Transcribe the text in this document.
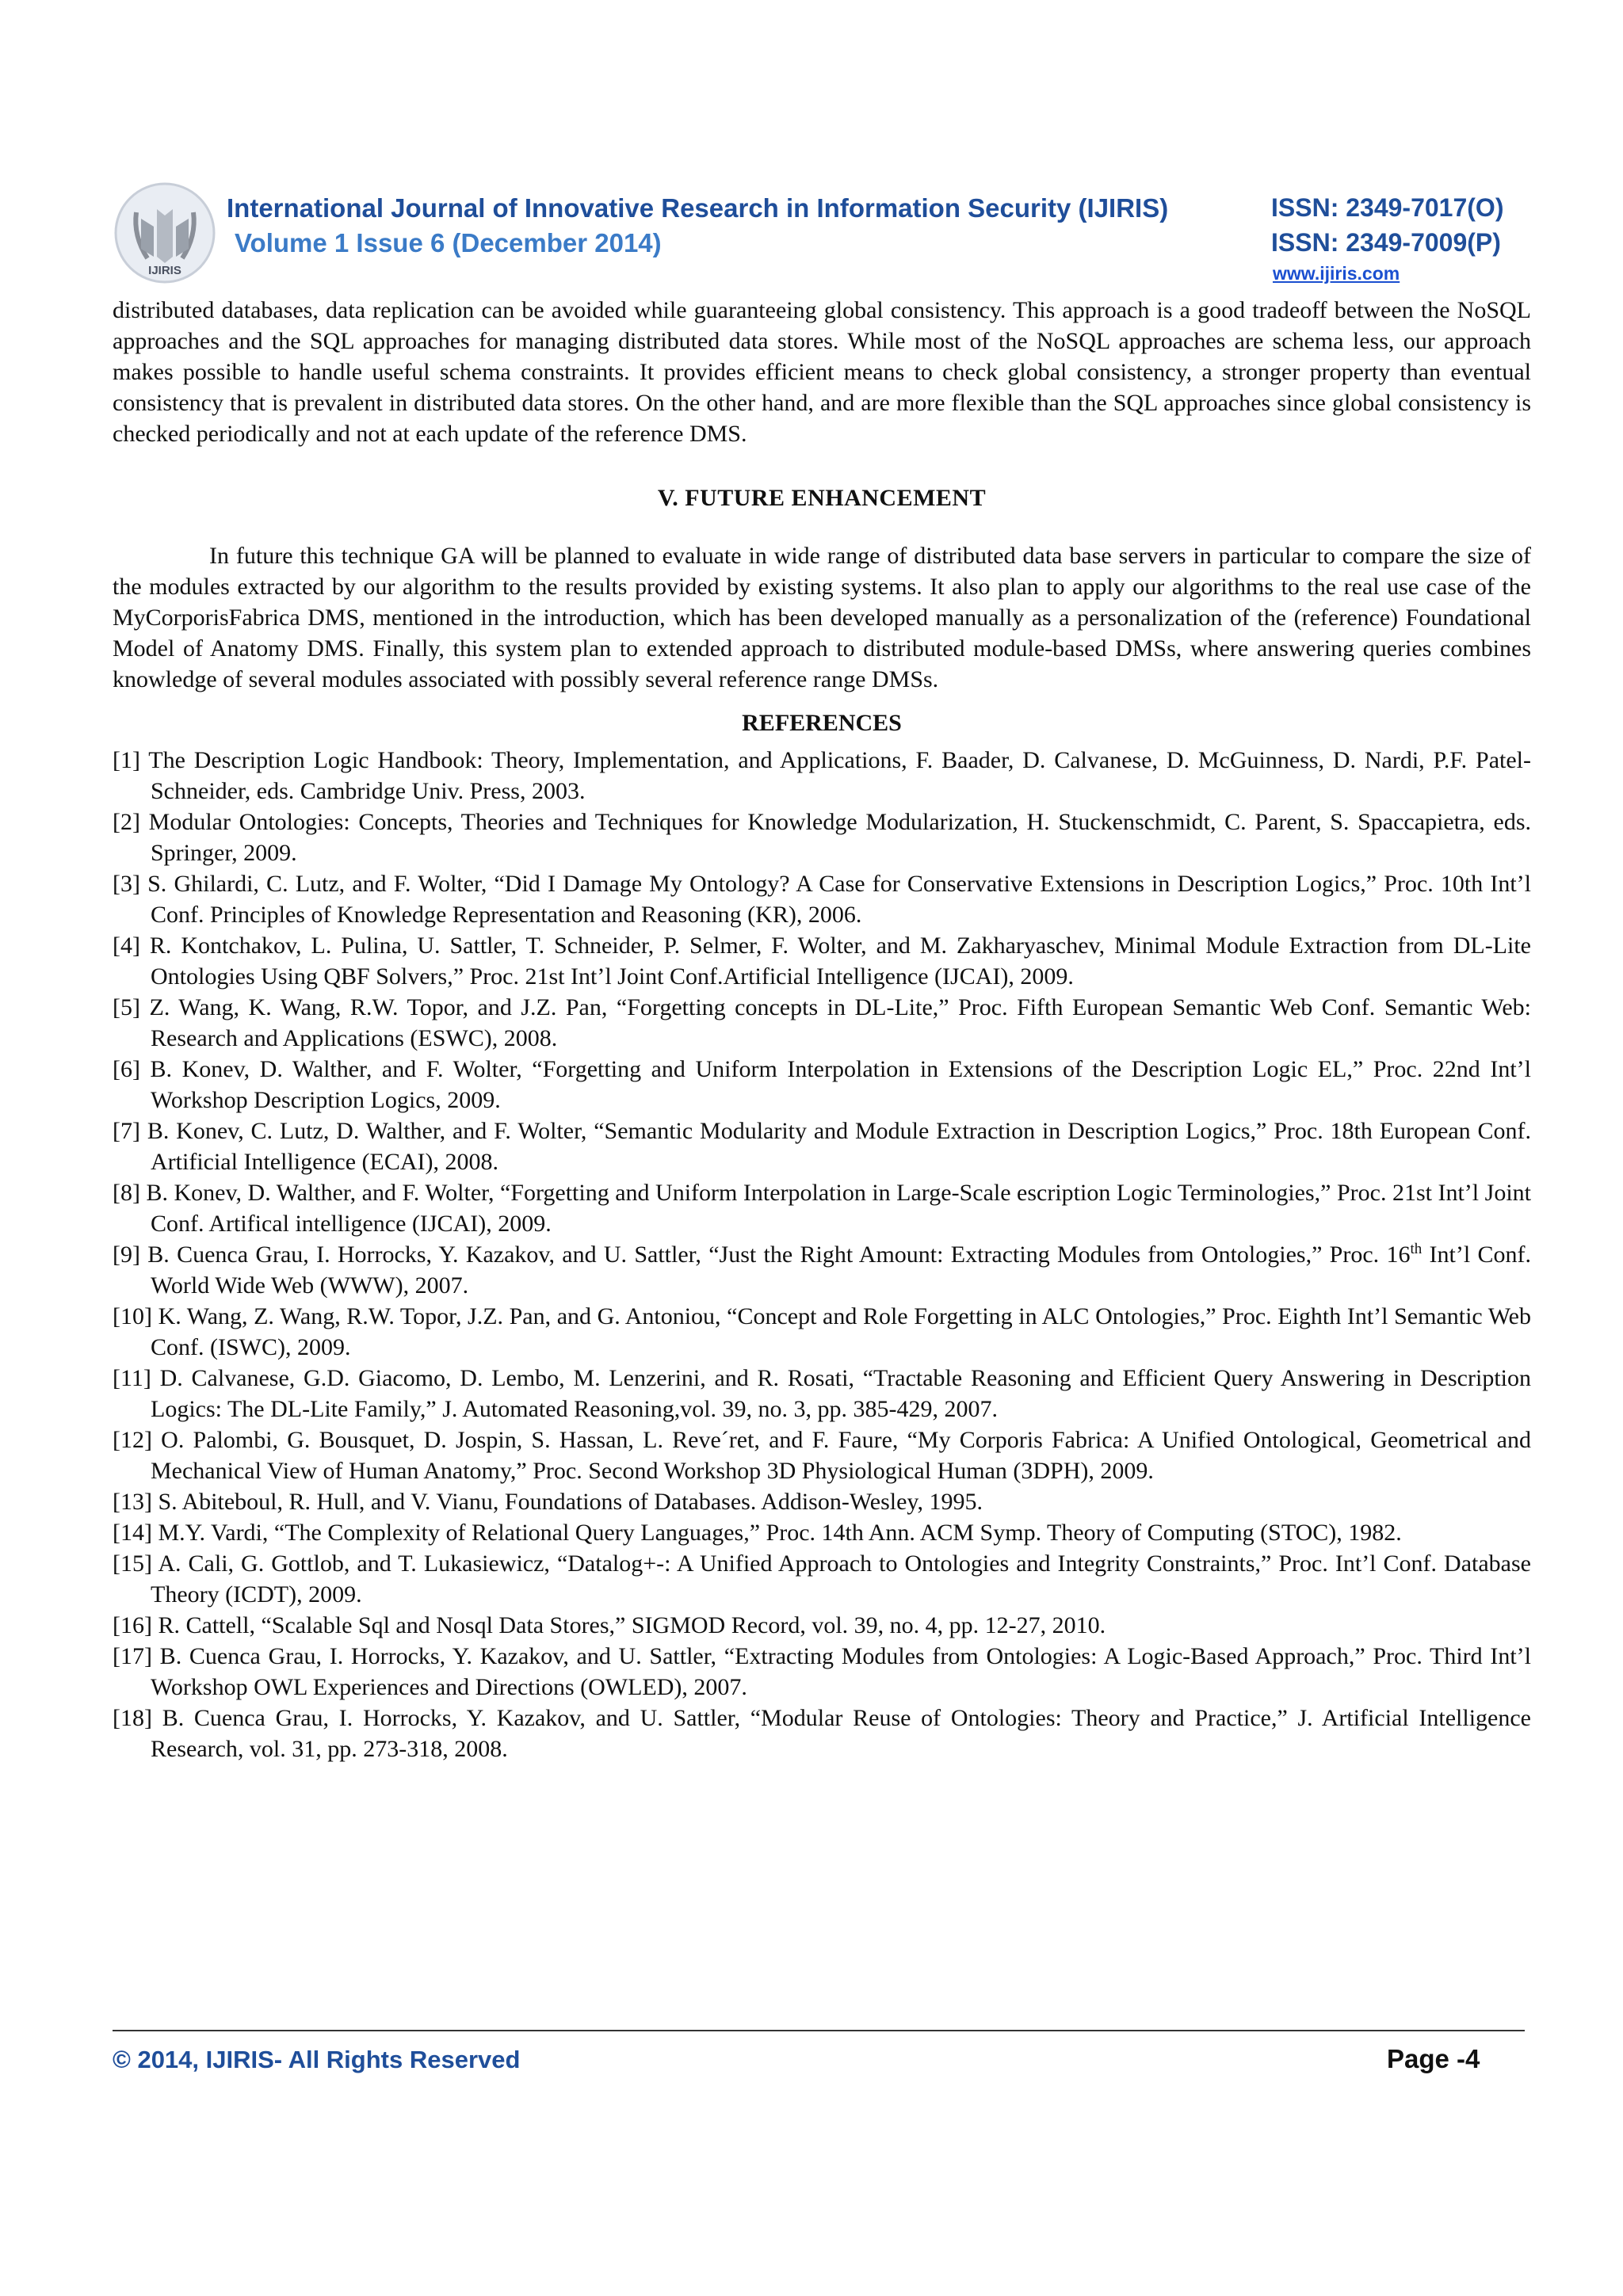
IJIRIS
International Journal of Innovative Research in Information Security (IJIRIS)
Volume 1 Issue 6 (December 2014)
ISSN: 2349-7017(O)
ISSN: 2349-7009(P)
www.ijiris.com

distributed databases, data replication can be avoided while guaranteeing global consistency. This approach is a good tradeoff between the NoSQL approaches and the SQL approaches for managing distributed data stores. While most of the NoSQL approaches are schema less, our approach makes possible to handle useful schema constraints. It provides efficient means to check global consistency, a stronger property than eventual consistency that is prevalent in distributed data stores. On the other hand, and are more flexible than the SQL approaches since global consistency is checked periodically and not at each update of the reference DMS.

V. FUTURE ENHANCEMENT

In future this technique GA will be planned to evaluate in wide range of distributed data base servers in particular to compare the size of the modules extracted by our algorithm to the results provided by existing systems. It also plan to apply our algorithms to the real use case of the MyCorporisFabrica DMS, mentioned in the introduction, which has been developed manually as a personalization of the (reference) Foundational Model of Anatomy DMS. Finally, this system plan to extended approach to distributed module-based DMSs, where answering queries combines knowledge of several modules associated with possibly several reference range DMSs.

REFERENCES
[1] The Description Logic Handbook: Theory, Implementation, and Applications, F. Baader, D. Calvanese, D. McGuinness, D. Nardi, P.F. Patel-Schneider, eds. Cambridge Univ. Press, 2003.
[2] Modular Ontologies: Concepts, Theories and Techniques for Knowledge Modularization, H. Stuckenschmidt, C. Parent, S. Spaccapietra, eds. Springer, 2009.
[3] S. Ghilardi, C. Lutz, and F. Wolter, “Did I Damage My Ontology? A Case for Conservative Extensions in Description Logics,” Proc. 10th Int’l Conf. Principles of Knowledge Representation and Reasoning (KR), 2006.
[4] R. Kontchakov, L. Pulina, U. Sattler, T. Schneider, P. Selmer, F. Wolter, and M. Zakharyaschev, Minimal Module Extraction from DL-Lite Ontologies Using QBF Solvers,” Proc. 21st Int’l Joint Conf.Artificial Intelligence (IJCAI), 2009.
[5] Z. Wang, K. Wang, R.W. Topor, and J.Z. Pan, “Forgetting concepts in DL-Lite,” Proc. Fifth European Semantic Web Conf. Semantic Web: Research and Applications (ESWC), 2008.
[6] B. Konev, D. Walther, and F. Wolter, “Forgetting and Uniform Interpolation in Extensions of the Description Logic EL,” Proc. 22nd Int’l Workshop Description Logics, 2009.
[7] B. Konev, C. Lutz, D. Walther, and F. Wolter, “Semantic Modularity and Module Extraction in Description Logics,” Proc. 18th European Conf. Artificial Intelligence (ECAI), 2008.
[8] B. Konev, D. Walther, and F. Wolter, “Forgetting and Uniform Interpolation in Large-Scale escription Logic Terminologies,” Proc. 21st Int’l Joint Conf. Artifical intelligence (IJCAI), 2009.
[9] B. Cuenca Grau, I. Horrocks, Y. Kazakov, and U. Sattler, “Just the Right Amount: Extracting Modules from Ontologies,” Proc. 16th Int’l Conf. World Wide Web (WWW), 2007.
[10] K. Wang, Z. Wang, R.W. Topor, J.Z. Pan, and G. Antoniou, “Concept and Role Forgetting in ALC Ontologies,” Proc. Eighth Int’l Semantic Web Conf. (ISWC), 2009.
[11] D. Calvanese, G.D. Giacomo, D. Lembo, M. Lenzerini, and R. Rosati, “Tractable Reasoning and Efficient Query Answering in Description Logics: The DL-Lite Family,” J. Automated Reasoning,vol. 39, no. 3, pp. 385-429, 2007.
[12] O. Palombi, G. Bousquet, D. Jospin, S. Hassan, L. Reve´ret, and F. Faure, “My Corporis Fabrica: A Unified Ontological, Geometrical and Mechanical View of Human Anatomy,” Proc. Second Workshop 3D Physiological Human (3DPH), 2009.
[13] S. Abiteboul, R. Hull, and V. Vianu, Foundations of Databases. Addison-Wesley, 1995.
[14] M.Y. Vardi, “The Complexity of Relational Query Languages,” Proc. 14th Ann. ACM Symp. Theory of Computing (STOC), 1982.
[15] A. Cali, G. Gottlob, and T. Lukasiewicz, “Datalog+-: A Unified Approach to Ontologies and Integrity Constraints,” Proc. Int’l Conf. Database Theory (ICDT), 2009.
[16] R. Cattell, “Scalable Sql and Nosql Data Stores,” SIGMOD Record, vol. 39, no. 4, pp. 12-27, 2010.
[17] B. Cuenca Grau, I. Horrocks, Y. Kazakov, and U. Sattler, “Extracting Modules from Ontologies: A Logic-Based Approach,” Proc. Third Int’l Workshop OWL Experiences and Directions (OWLED), 2007.
[18] B. Cuenca Grau, I. Horrocks, Y. Kazakov, and U. Sattler, “Modular Reuse of Ontologies: Theory and Practice,” J. Artificial Intelligence Research, vol. 31, pp. 273-318, 2008.
© 2014, IJIRIS- All Rights Reserved	Page -4
